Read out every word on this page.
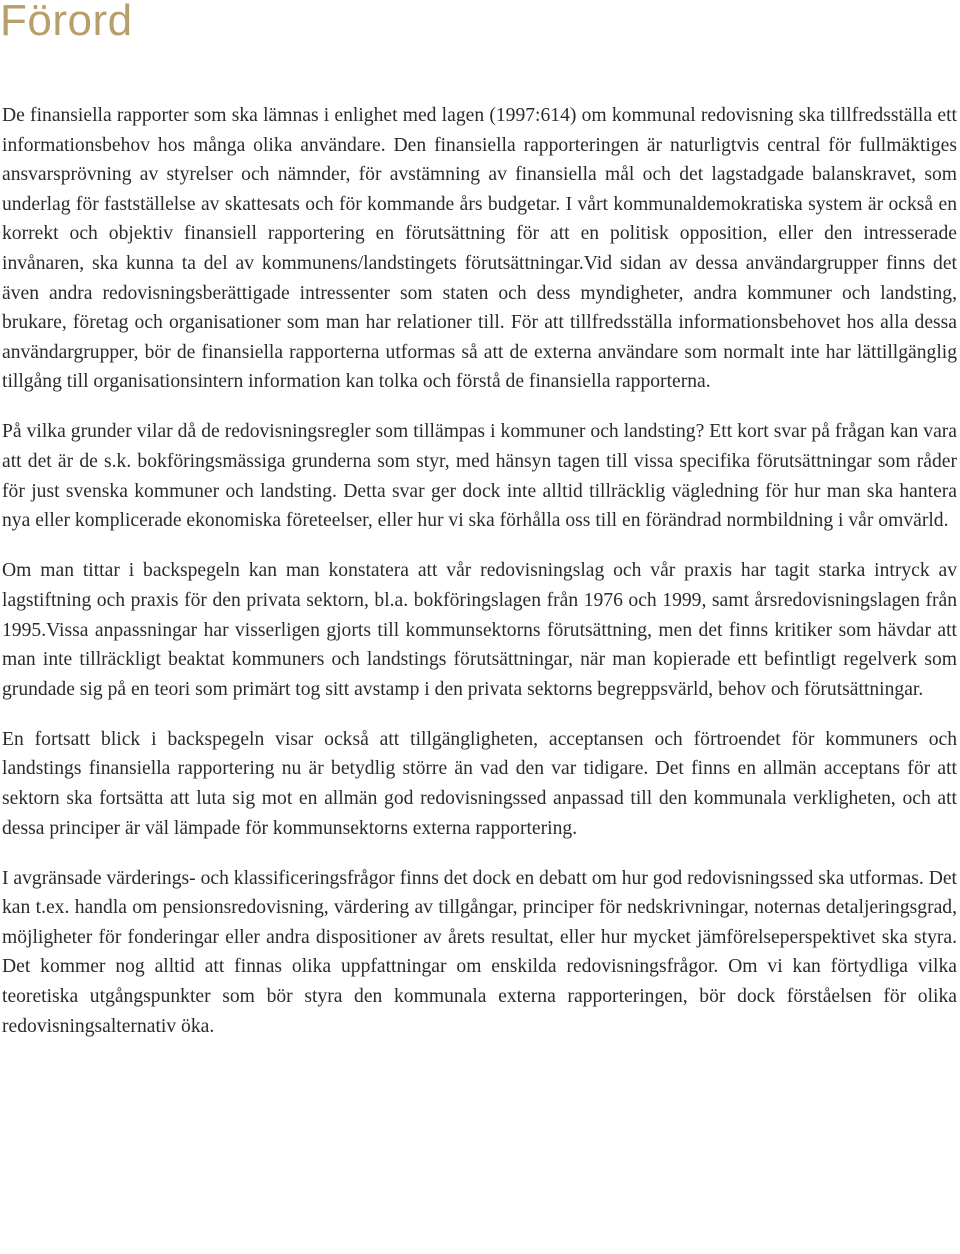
Förord

De finansiella rapporter som ska lämnas i enlighet med lagen (1997:614) om kommunal redovisning ska tillfredsställa ett informationsbehov hos många olika användare. Den finansiella rapporteringen är naturligtvis central för fullmäktiges ansvarsprövning av styrelser och nämnder, för avstämning av finansiella mål och det lagstadgade balanskravet, som underlag för fastställelse av skattesats och för kommande års budgetar. I vårt kommunaldemokratiska system är också en korrekt och objektiv finansiell rapportering en förutsättning för att en politisk opposition, eller den intresserade invånaren, ska kunna ta del av kommunens/landstingets förutsättningar.Vid sidan av dessa användargrupper finns det även andra redovisningsberättigade intressenter som staten och dess myndigheter, andra kommuner och landsting, brukare, företag och organisationer som man har relationer till. För att tillfredsställa informationsbehovet hos alla dessa användargrupper, bör de finansiella rapporterna utformas så att de externa användare som normalt inte har lättillgänglig tillgång till organisationsintern information kan tolka och förstå de finansiella rapporterna.

På vilka grunder vilar då de redovisningsregler som tillämpas i kommuner och landsting? Ett kort svar på frågan kan vara att det är de s.k. bokföringsmässiga grunderna som styr, med hänsyn tagen till vissa specifika förutsättningar som råder för just svenska kommuner och landsting. Detta svar ger dock inte alltid tillräcklig vägledning för hur man ska hantera nya eller komplicerade ekonomiska företeelser, eller hur vi ska förhålla oss till en förändrad normbildning i vår omvärld.

Om man tittar i backspegeln kan man konstatera att vår redovisningslag och vår praxis har tagit starka intryck av lagstiftning och praxis för den privata sektorn, bl.a. bokföringslagen från 1976 och 1999, samt årsredovisningslagen från 1995.Vissa anpassningar har visserligen gjorts till kommunsektorns förutsättning, men det finns kritiker som hävdar att man inte tillräckligt beaktat kommuners och landstings förutsättningar, när man kopierade ett befintligt regelverk som grundade sig på en teori som primärt tog sitt avstamp i den privata sektorns begreppsvärld, behov och förutsättningar.

En fortsatt blick i backspegeln visar också att tillgängligheten, acceptansen och förtroendet för kommuners och landstings finansiella rapportering nu är betydlig större än vad den var tidigare. Det finns en allmän acceptans för att sektorn ska fortsätta att luta sig mot en allmän god redovisningssed anpassad till den kommunala verkligheten, och att dessa principer är väl lämpade för kommunsektorns externa rapportering.

I avgränsade värderings- och klassificeringsfrågor finns det dock en debatt om hur god redovisningssed ska utformas. Det kan t.ex. handla om pensionsredovisning, värdering av tillgångar, principer för nedskrivningar, noternas detaljeringsgrad, möjligheter för fonderingar eller andra dispositioner av årets resultat, eller hur mycket jämförelseperspektivet ska styra. Det kommer nog alltid att finnas olika uppfattningar om enskilda redovisningsfrågor. Om vi kan förtydliga vilka teoretiska utgångspunkter som bör styra den kommunala externa rapporteringen, bör dock förståelsen för olika redovisningsalternativ öka.
